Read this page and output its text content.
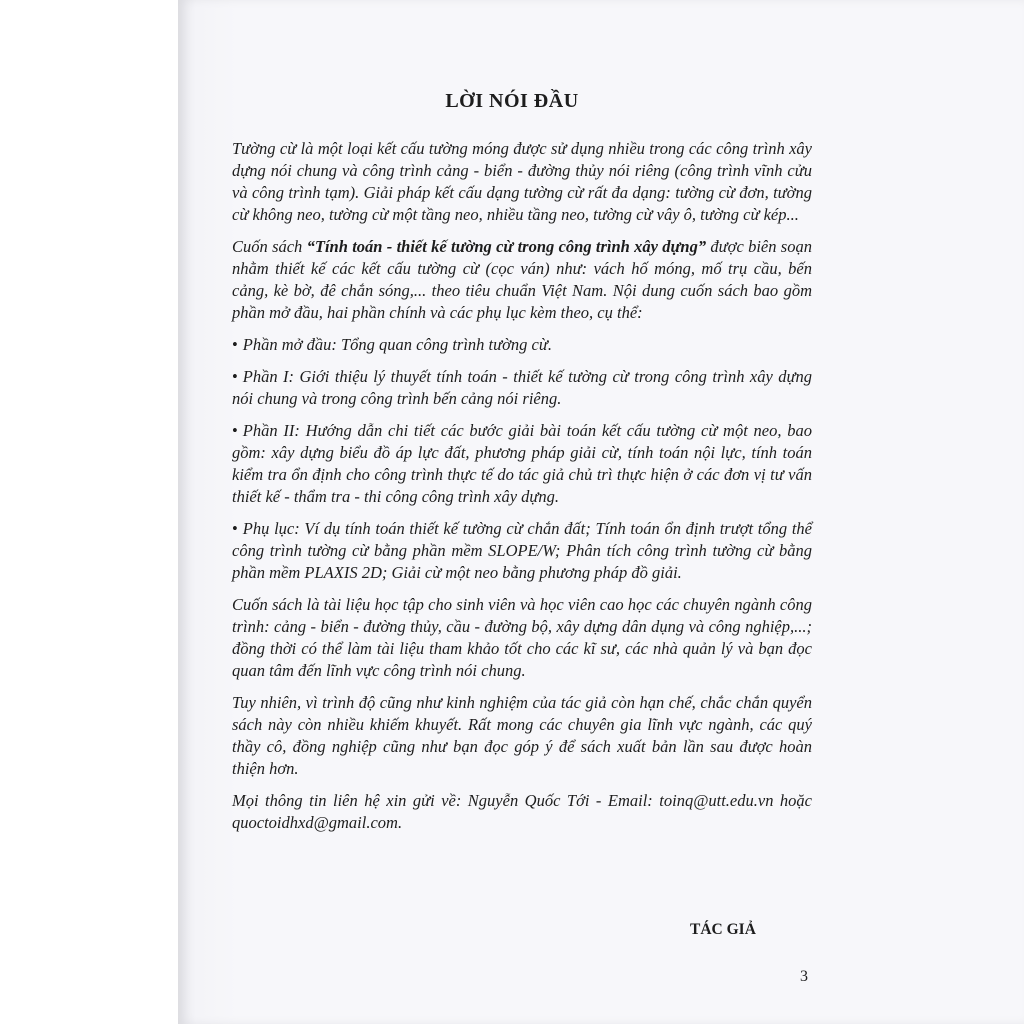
LỜI NÓI ĐẦU

Tường cừ là một loại kết cấu tường móng được sử dụng nhiều trong các công trình xây dựng nói chung và công trình cảng - biển - đường thủy nói riêng (công trình vĩnh cửu và công trình tạm). Giải pháp kết cấu dạng tường cừ rất đa dạng: tường cừ đơn, tường cừ không neo, tường cừ một tầng neo, nhiều tầng neo, tường cừ vây ô, tường cừ kép...

Cuốn sách “Tính toán - thiết kế tường cừ trong công trình xây dựng” được biên soạn nhằm thiết kế các kết cấu tường cừ (cọc ván) như: vách hố móng, mố trụ cầu, bến cảng, kè bờ, đê chắn sóng,... theo tiêu chuẩn Việt Nam. Nội dung cuốn sách bao gồm phần mở đầu, hai phần chính và các phụ lục kèm theo, cụ thể:

• Phần mở đầu: Tổng quan công trình tường cừ.

• Phần I: Giới thiệu lý thuyết tính toán - thiết kế tường cừ trong công trình xây dựng nói chung và trong công trình bến cảng nói riêng.

• Phần II: Hướng dẫn chi tiết các bước giải bài toán kết cấu tường cừ một neo, bao gồm: xây dựng biểu đồ áp lực đất, phương pháp giải cừ, tính toán nội lực, tính toán kiểm tra ổn định cho công trình thực tế do tác giả chủ trì thực hiện ở các đơn vị tư vấn thiết kế - thẩm tra - thi công công trình xây dựng.

• Phụ lục: Ví dụ tính toán thiết kế tường cừ chắn đất; Tính toán ổn định trượt tổng thể công trình tường cừ bằng phần mềm SLOPE/W; Phân tích công trình tường cừ bằng phần mềm PLAXIS 2D; Giải cừ một neo bằng phương pháp đồ giải.

Cuốn sách là tài liệu học tập cho sinh viên và học viên cao học các chuyên ngành công trình: cảng - biển - đường thủy, cầu - đường bộ, xây dựng dân dụng và công nghiệp,...; đồng thời có thể làm tài liệu tham khảo tốt cho các kĩ sư, các nhà quản lý và bạn đọc quan tâm đến lĩnh vực công trình nói chung.

Tuy nhiên, vì trình độ cũng như kinh nghiệm của tác giả còn hạn chế, chắc chắn quyển sách này còn nhiều khiếm khuyết. Rất mong các chuyên gia lĩnh vực ngành, các quý thầy cô, đồng nghiệp cũng như bạn đọc góp ý để sách xuất bản lần sau được hoàn thiện hơn.

Mọi thông tin liên hệ xin gửi về: Nguyễn Quốc Tới - Email: toinq@utt.edu.vn hoặc quoctoidhxd@gmail.com.

TÁC GIẢ
3
